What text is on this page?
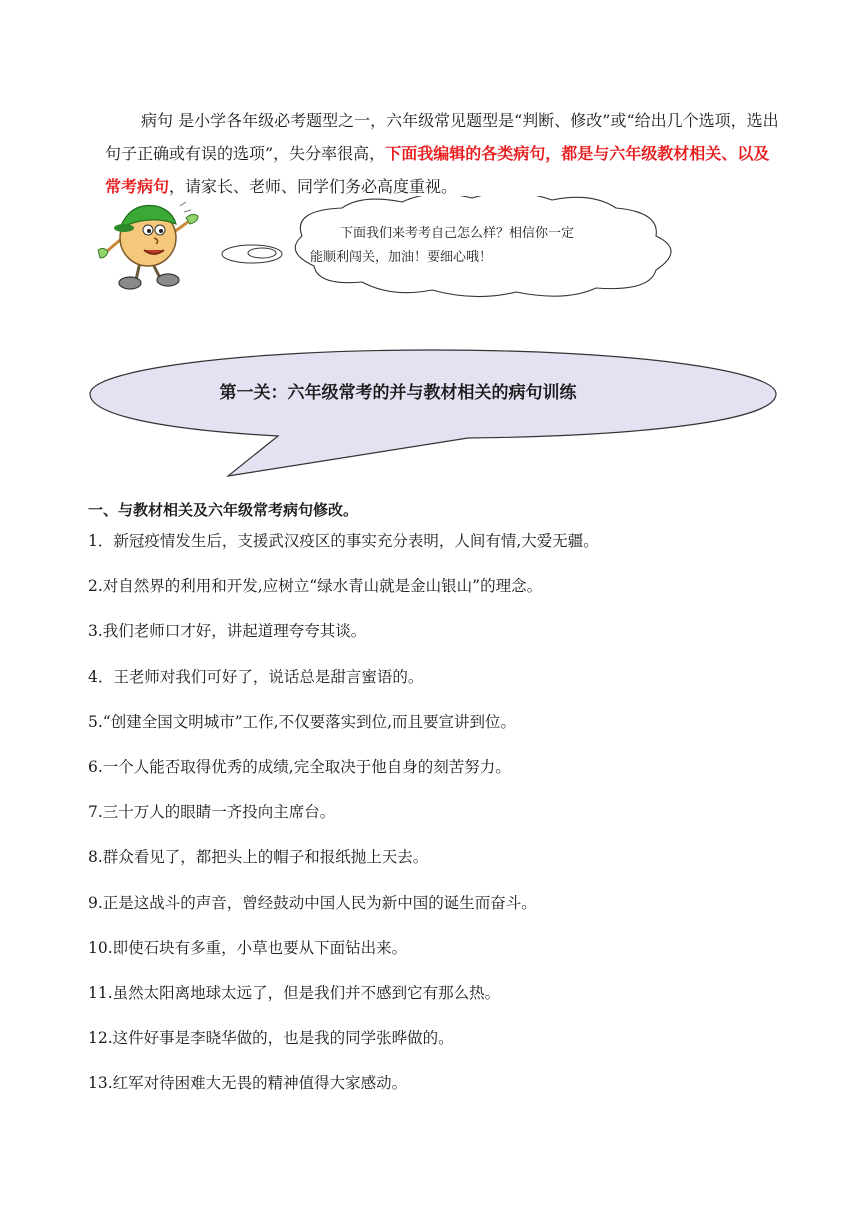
病句 是小学各年级必考题型之一，六年级常见题型是“判断、修改”或“给出几个选项，选出句子正确或有误的选项”，失分率很高，下面我编辑的各类病句，都是与六年级教材相关、以及常考病句，请家长、老师、同学们务必高度重视。

下面我们来考考自己怎么样？相信你一定
能顺利闯关，加油！要细心哦！

第一关：六年级常考的并与教材相关的病句训练

一、与教材相关及六年级常考病句修改。

1．新冠疫情发生后，支援武汉疫区的事实充分表明，人间有情,大爱无疆。
2.对自然界的利用和开发,应树立“绿水青山就是金山银山”的理念。
3.我们老师口才好，讲起道理夸夸其谈。
4．王老师对我们可好了，说话总是甜言蜜语的。
5.“创建全国文明城市”工作,不仅要落实到位,而且要宣讲到位。
6.一个人能否取得优秀的成绩,完全取决于他自身的刻苦努力。
7.三十万人的眼睛一齐投向主席台。
8.群众看见了，都把头上的帽子和报纸抛上天去。
9.正是这战斗的声音，曾经鼓动中国人民为新中国的诞生而奋斗。
10.即使石块有多重，小草也要从下面钻出来。
11.虽然太阳离地球太远了，但是我们并不感到它有那么热。
12.这件好事是李晓华做的，也是我的同学张晔做的。
13.红军对待困难大无畏的精神值得大家感动。
